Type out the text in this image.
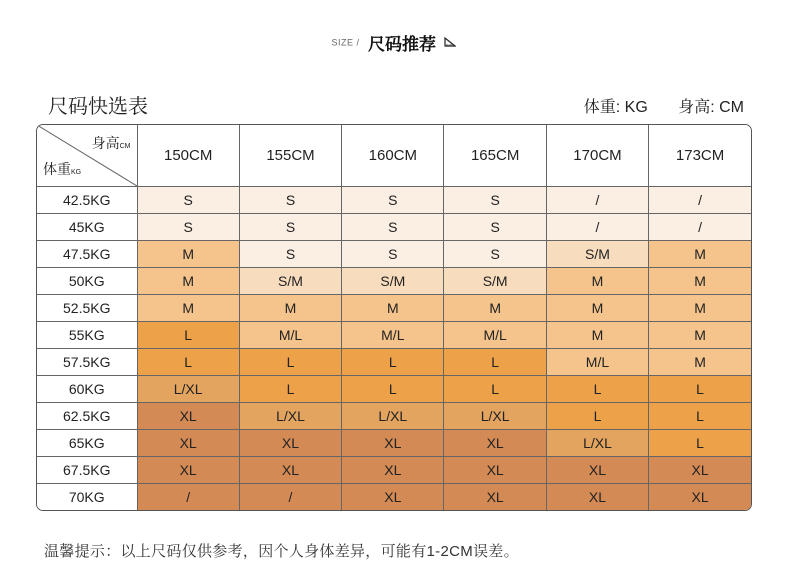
SIZE / 尺码推荐
尺码快选表	体重: KG 身高: CM
身高CM
体重KG	150CM	155CM	160CM	165CM	170CM	173CM
42.5KG	S	S	S	S	/	/
45KG	S	S	S	S	/	/
47.5KG	M	S	S	S	S/M	M
50KG	M	S/M	S/M	S/M	M	M
52.5KG	M	M	M	M	M	M
55KG	L	M/L	M/L	M/L	M	M
57.5KG	L	L	L	L	M/L	M
60KG	L/XL	L	L	L	L	L
62.5KG	XL	L/XL	L/XL	L/XL	L	L
65KG	XL	XL	XL	XL	L/XL	L
67.5KG	XL	XL	XL	XL	XL	XL
70KG	/	/	XL	XL	XL	XL
温馨提示：以上尺码仅供参考，因个人身体差异，可能有1-2CM误差。
